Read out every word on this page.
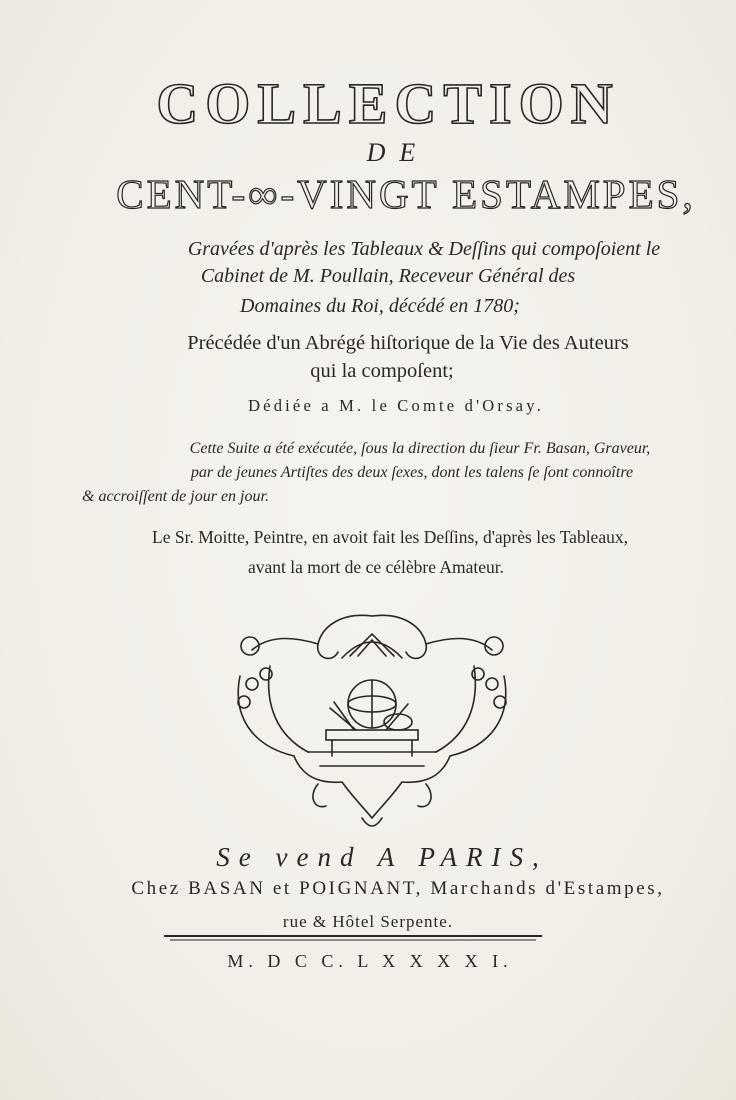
COLLECTION
DE
CENT-∞-VINGT ESTAMPES,
Gravées d'après les Tableaux & Deſſins qui compoſoient le
Cabinet de M. Poullain, Receveur Général des
Domaines du Roi, décédé en 1780;
Précédée d'un Abrégé hiſtorique de la Vie des Auteurs
qui la compoſent;
Dédiée a M. le Comte d'Orsay.
Cette Suite a été exécutée, ſous la direction du ſieur Fr. Basan, Graveur,
par de jeunes Artiſtes des deux ſexes, dont les talens ſe ſont connoître
& accroiſſent de jour en jour.
Le Sr. Moitte, Peintre, en avoit fait les Deſſins, d'après les Tableaux,
avant la mort de ce célèbre Amateur.
Se vend A PARIS,
Chez BASAN et POIGNANT, Marchands d'Estampes,
rue & Hôtel Serpente.
M. D C C. L X X X X I.
